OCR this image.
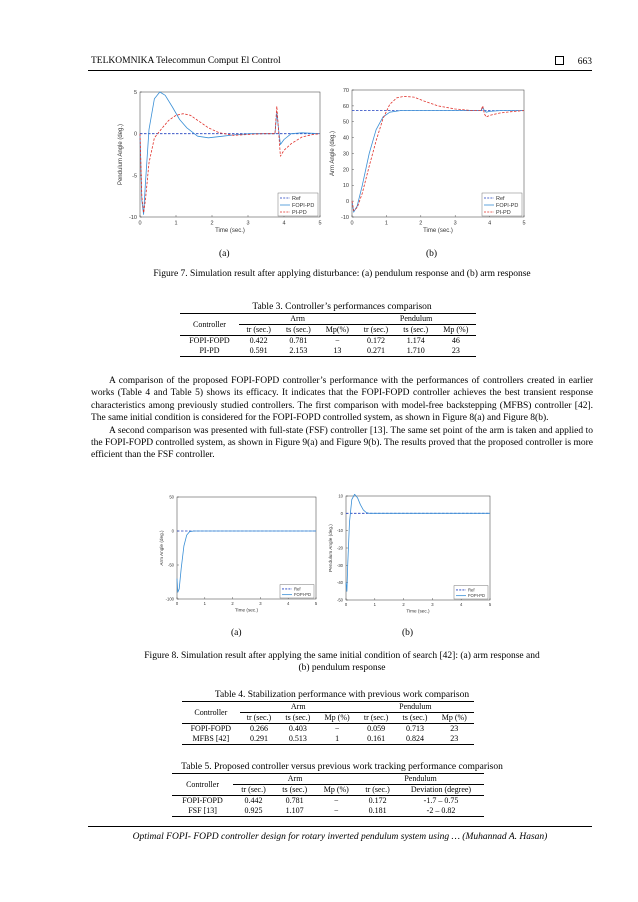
TELKOMNIKA Telecommun Comput El Control	663
0	1	2	3	4	5
-10
-5
0
5
Time (sec.)
Pendulum Angle (deg.)
Ref
FOPI-PD
PI-PD
0	1	2	3	4	5
-10
0
10
20
30
40
50
60
70
Time (sec.)
Arm Angle (deg.)
Ref
FOPI-PD
PI-PD
(a)	(b)
Figure 7. Simulation result after applying disturbance: (a) pendulum response and (b) arm response
Table 3. Controller’s performances comparison
Controller	Arm			Pendulum		
	tr (sec.)	ts (sec.)	Mp(%)	tr (sec.)	ts (sec.)	Mp (%)
FOPI-FOPD	0.422	0.781	−	0.172	1.174	46
PI-PD	0.591	2.153	13	0.271	1.710	23

A comparison of the proposed FOPI-FOPD controller’s performance with the performances of controllers created in earlier works (Table 4 and Table 5) shows its efficacy. It indicates that the FOPI-FOPD controller achieves the best transient response characteristics among previously studied controllers. The first comparison with model-free backstepping (MFBS) controller [42]. The same initial condition is considered for the FOPI-FOPD controlled system, as shown in Figure 8(a) and Figure 8(b).

A second comparison was presented with full-state (FSF) controller [13]. The same set point of the arm is taken and applied to the FOPI-FOPD controlled system, as shown in Figure 9(a) and Figure 9(b). The results proved that the proposed controller is more efficient than the FSF controller.

0	1	2	3	4	5
-100
-50
0
50
Time (sec.)
Arm Angle (deg.)
Ref
FOPI-PD
0	1	2	3	4	5
-50
-40
-30
-20
-10
0
10
Time (sec.)
Pendulum Angle (deg.)
Ref
FOPI-PD
(a)	(b)
Figure 8. Simulation result after applying the same initial condition of search [42]: (a) arm response and
(b) pendulum response
Table 4. Stabilization performance with previous work comparison
Controller	Arm			Pendulum		
	tr (sec.)	ts (sec.)	Mp (%)	tr (sec.)	ts (sec.)	Mp (%)
FOPI-FOPD	0.266	0.403	−	0.059	0.713	23
MFBS [42]	0.291	0.513	1	0.161	0.824	23
Table 5. Proposed controller versus previous work tracking performance comparison
Controller	Arm			Pendulum	
	tr (sec.)	ts (sec.)	Mp (%)	tr (sec.)	Deviation (degree)
FOPI-FOPD	0.442	0.781	−	0.172	-1.7 – 0.75
FSF [13]	0.925	1.107	−	0.181	-2 – 0.82
Optimal FOPI- FOPD controller design for rotary inverted pendulum system using … (Muhannad A. Hasan)
